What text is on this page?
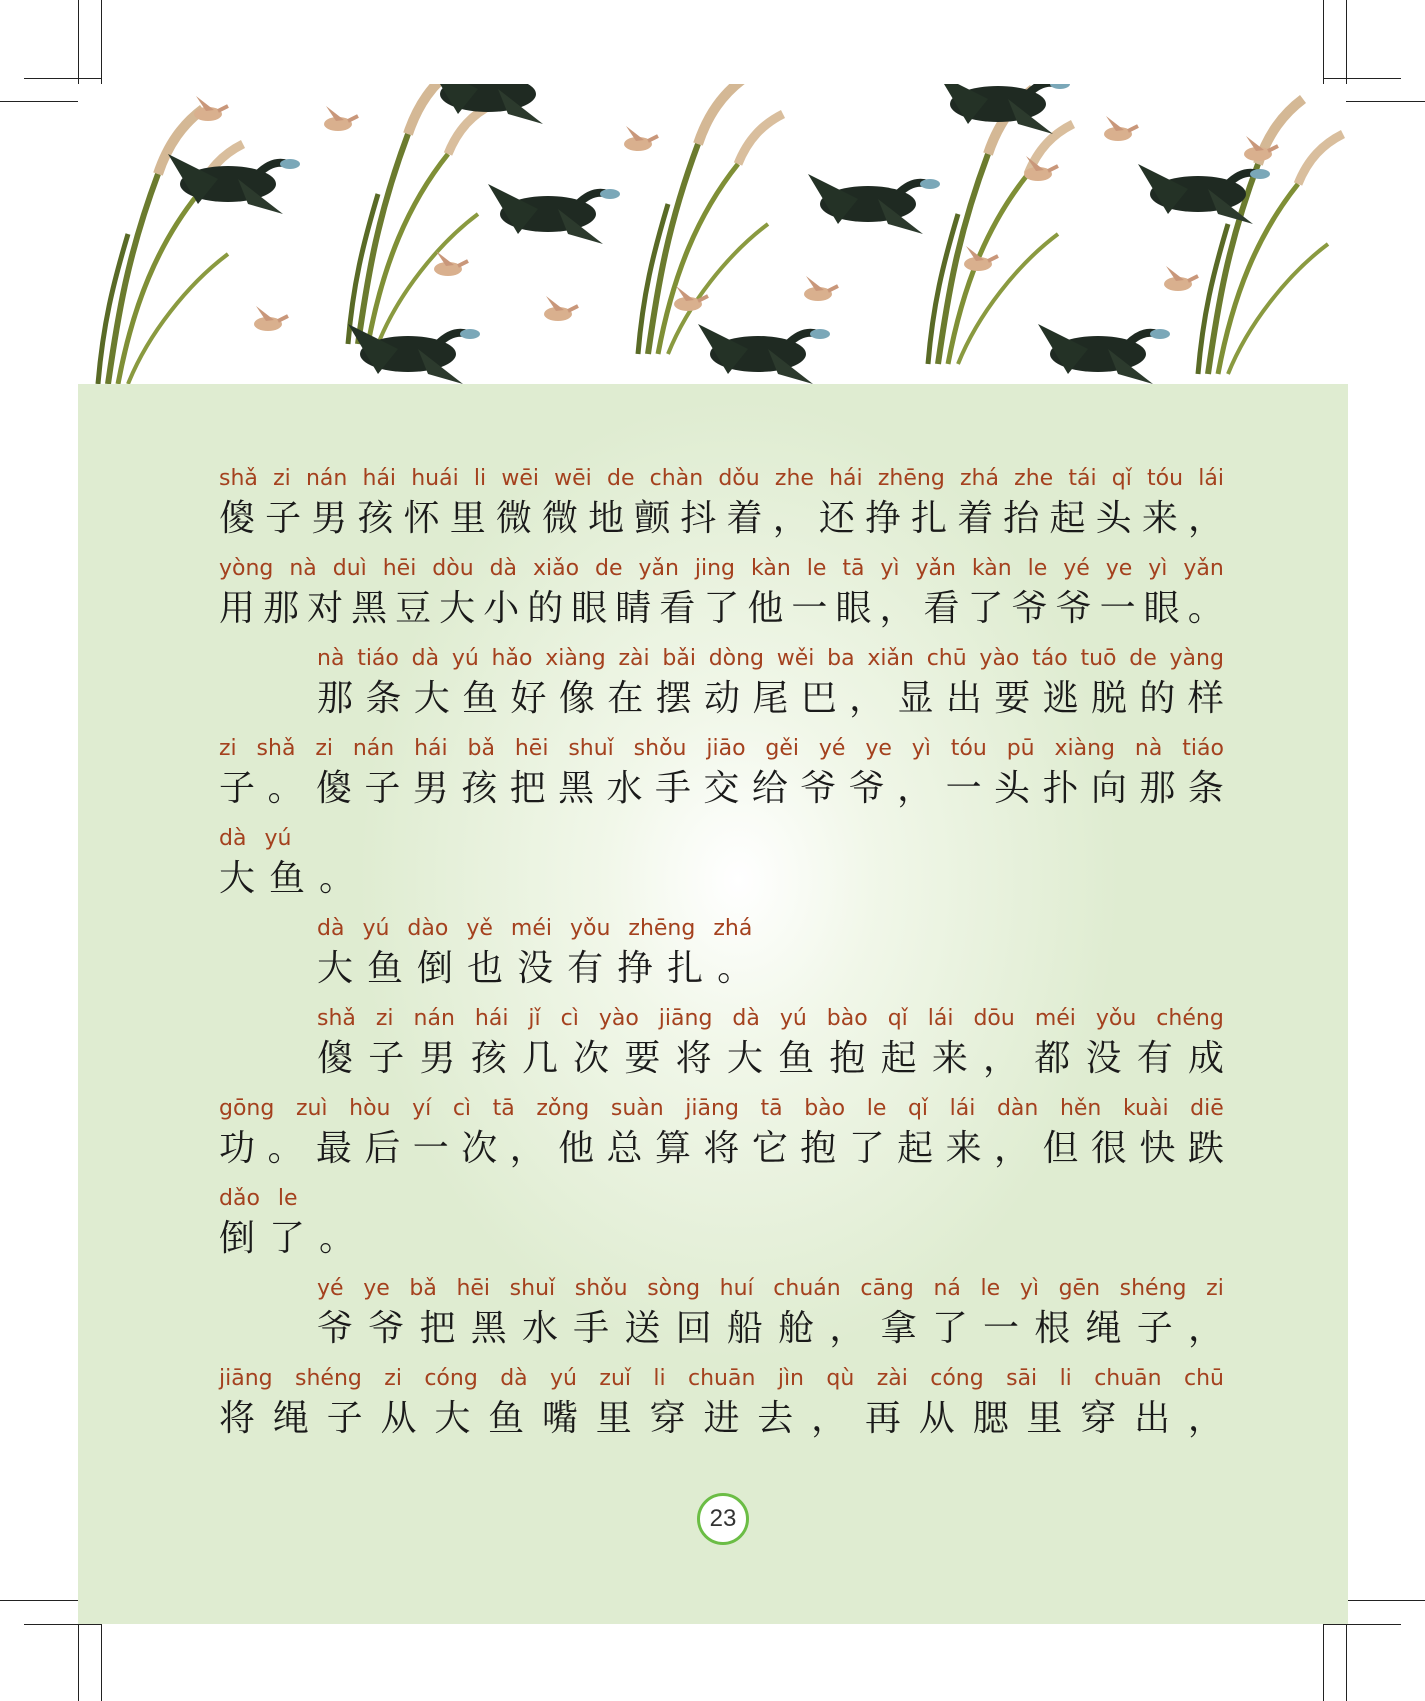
shǎ zi nán hái huái li wēi wēi de chàn dǒu zhe hái zhēng zhá zhe tái qǐ tóu lái
傻 子 男 孩 怀 里 微 微 地 颤 抖 着 ， 还 挣 扎 着 抬 起 头 来 ，
yòng nà duì hēi dòu dà xiǎo de yǎn jing kàn le tā yì yǎn kàn le yé ye yì yǎn
用 那 对 黑 豆 大 小 的 眼 睛 看 了 他 一 眼 ， 看 了 爷 爷 一 眼 。
nà tiáo dà yú hǎo xiàng zài bǎi dòng wěi ba xiǎn chū yào táo tuō de yàng
那 条 大 鱼 好 像 在 摆 动 尾 巴 ， 显 出 要 逃 脱 的 样
zi shǎ zi nán hái bǎ hēi shuǐ shǒu jiāo gěi yé ye yì tóu pū xiàng nà tiáo
子 。 傻 子 男 孩 把 黑 水 手 交 给 爷 爷 ， 一 头 扑 向 那 条
dà yú
大 鱼 。
dà yú dào yě méi yǒu zhēng zhá
大 鱼 倒 也 没 有 挣 扎 。
shǎ zi nán hái jǐ cì yào jiāng dà yú bào qǐ lái dōu méi yǒu chéng
傻 子 男 孩 几 次 要 将 大 鱼 抱 起 来 ， 都 没 有 成
gōng zuì hòu yí cì tā zǒng suàn jiāng tā bào le qǐ lái dàn hěn kuài diē
功 。 最 后 一 次 ， 他 总 算 将 它 抱 了 起 来 ， 但 很 快 跌
dǎo le
倒 了 。
yé ye bǎ hēi shuǐ shǒu sòng huí chuán cāng ná le yì gēn shéng zi
爷 爷 把 黑 水 手 送 回 船 舱 ， 拿 了 一 根 绳 子 ，
jiāng shéng zi cóng dà yú zuǐ li chuān jìn qù zài cóng sāi li chuān chū
将 绳 子 从 大 鱼 嘴 里 穿 进 去 ， 再 从 腮 里 穿 出 ，
23
